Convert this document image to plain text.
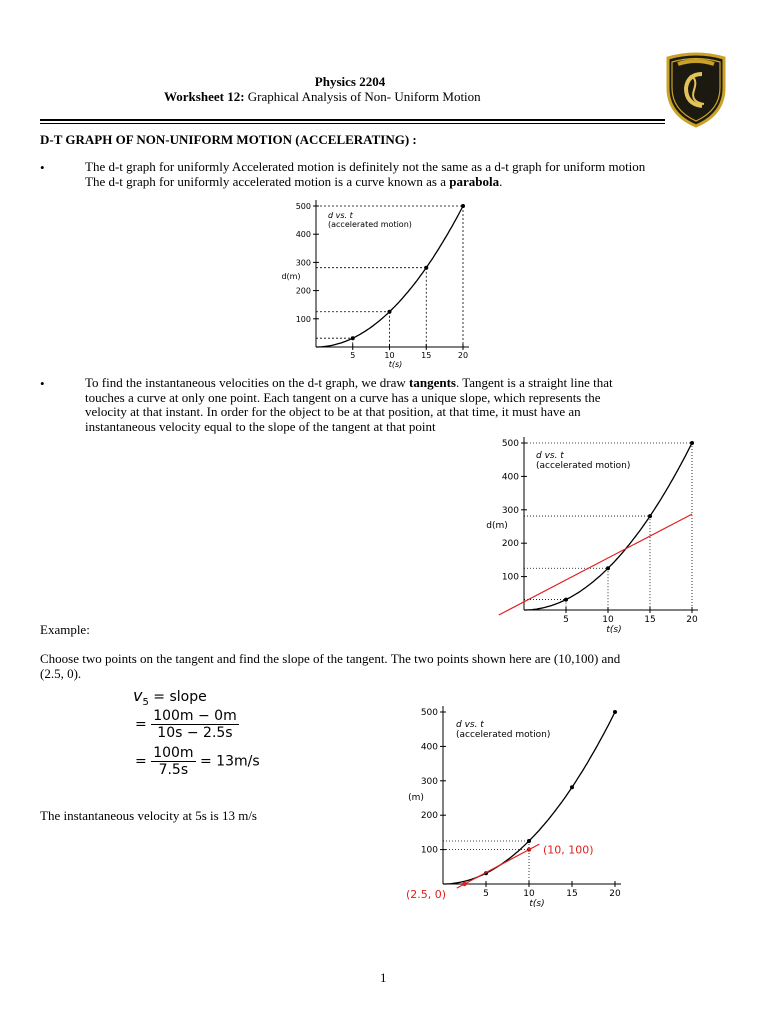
Physics 2204
Worksheet 12: Graphical Analysis of Non- Uniform Motion
D-T GRAPH OF NON-UNIFORM MOTION (ACCELERATING) :
•	The d-t graph for uniformly Accelerated motion is definitely not the same as a d-t graph for uniform motion
The d-t graph for uniformly accelerated motion is a curve known as a parabola.
100
200
300
400
500
5	10	15	20
d vs. t
(accelerated motion)
d(m)
t(s)
•	To find the instantaneous velocities on the d-t graph, we draw tangents. Tangent is a straight line that
touches a curve at only one point. Each tangent on a curve has a unique slope, which represents the
velocity at that instant. In order for the object to be at that position, at that time, it must have an
instantaneous velocity equal to the slope of the tangent at that point
100
200
300
400
500
5	10	15	20
d vs. t
(accelerated motion)
d(m)
t(s)
Example:
Choose two points on the tangent and find the slope of the tangent. The two points shown here are (10,100) and
(2.5, 0).
$v_5$ = slope
= $\frac{100m - 0m}{10s - 2.5s}$
= $\frac{100m}{7.5s} = 13m/s$
The instantaneous velocity at 5s is 13 m/s
100
200
300
400
500
5	10	15	20
d vs. t
(accelerated motion)
(m)
t(s)
(10, 100)
(2.5, 0)
1
